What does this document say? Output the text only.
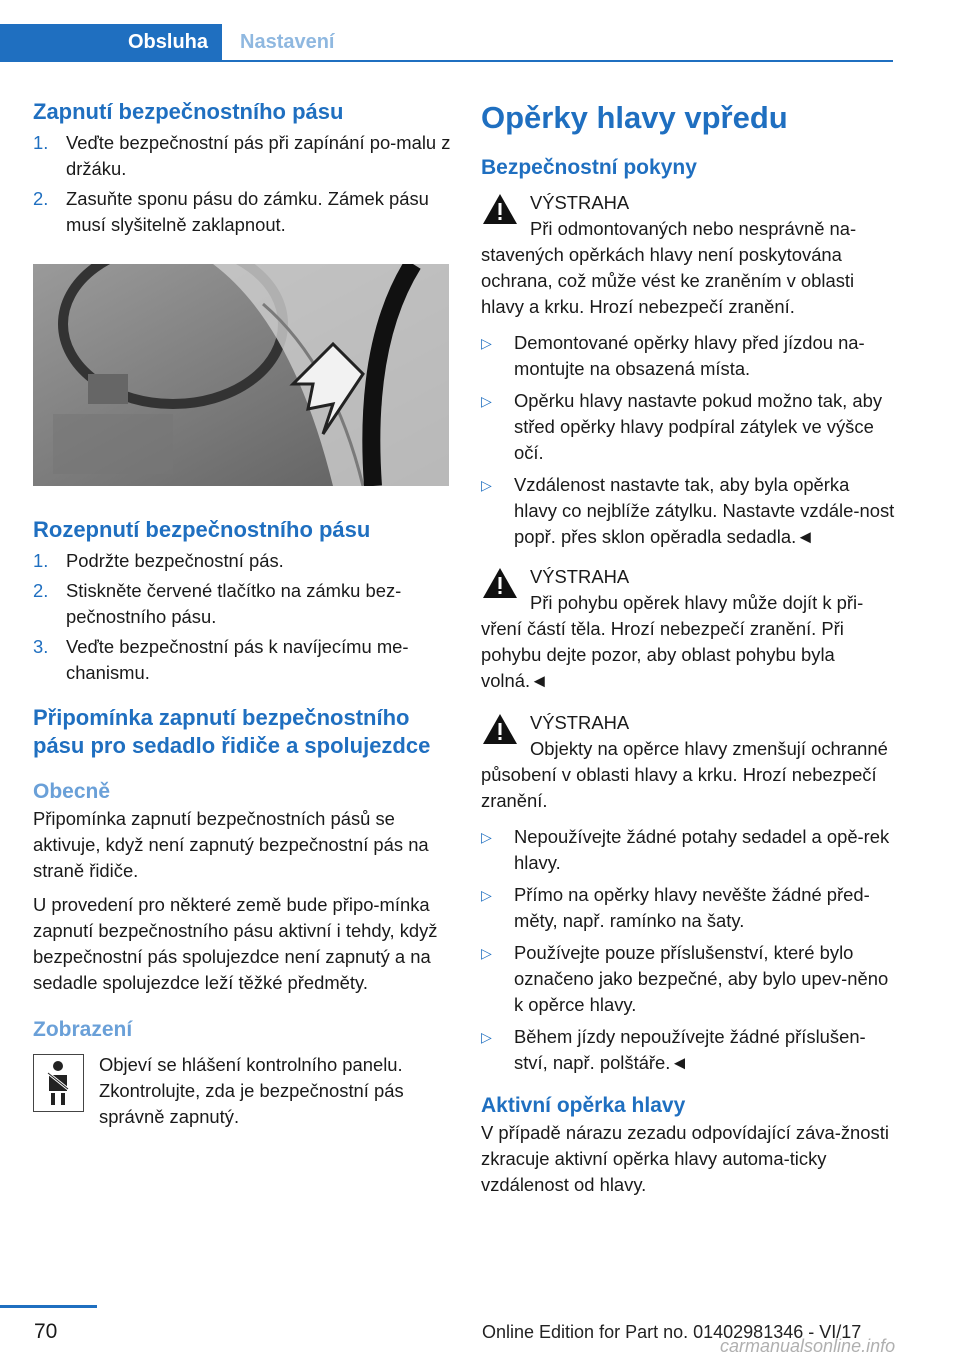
Obsluha	Nastavení
Zapnutí bezpečnostního pásu
1. Veďte bezpečnostní pás při zapínání po-malu z držáku.
2. Zasuňte sponu pásu do zámku. Zámek pásu musí slyšitelně zaklapnout.
Rozepnutí bezpečnostního pásu
1. Podržte bezpečnostní pás.
2. Stiskněte červené tlačítko na zámku bez-pečnostního pásu.
3. Veďte bezpečnostní pás k navíjecímu me-chanismu.
Připomínka zapnutí bezpečnostního pásu pro sedadlo řidiče a spolujezdce
Obecně

Připomínka zapnutí bezpečnostních pásů se aktivuje, když není zapnutý bezpečnostní pás na straně řidiče.

U provedení pro některé země bude připo-mínka zapnutí bezpečnostního pásu aktivní i tehdy, když bezpečnostní pás spolujezdce není zapnutý a na sedadle spolujezdce leží těžké předměty.

Zobrazení

Objeví se hlášení kontrolního panelu. Zkontrolujte, zda je bezpečnostní pás správně zapnutý.

Opěrky hlavy vpředu
Bezpečnostní pokyny
VÝSTRAHA

Při odmontovaných nebo nesprávně na-stavených opěrkách hlavy není poskytována ochrana, což může vést ke zraněním v oblasti hlavy a krku. Hrozí nebezpečí zranění.

▷ Demontované opěrky hlavy před jízdou na-montujte na obsazená místa.
▷ Opěrku hlavy nastavte pokud možno tak, aby střed opěrky hlavy podpíral zátylek ve výšce očí.
▷ Vzdálenost nastavte tak, aby byla opěrka hlavy co nejblíže zátylku. Nastavte vzdále-nost popř. přes sklon opěradla sedadla.◄
VÝSTRAHA

Při pohybu opěrek hlavy může dojít k při-vření částí těla. Hrozí nebezpečí zranění. Při pohybu dejte pozor, aby oblast pohybu byla volná.◄

VÝSTRAHA

Objekty na opěrce hlavy zmenšují ochranné působení v oblasti hlavy a krku. Hrozí nebezpečí zranění.

▷ Nepoužívejte žádné potahy sedadel a opě-rek hlavy.
▷ Přímo na opěrky hlavy nevěšte žádné před-měty, např. ramínko na šaty.
▷ Používejte pouze příslušenství, které bylo označeno jako bezpečné, aby bylo upev-něno k opěrce hlavy.
▷ Během jízdy nepoužívejte žádné příslušen-ství, např. polštáře.◄
Aktivní opěrka hlavy

V případě nárazu zezadu odpovídající záva-žnosti zkracuje aktivní opěrka hlavy automa-ticky vzdálenost od hlavy.

70	Online Edition for Part no. 01402981346 - VI/17
carmanualsonline.info
